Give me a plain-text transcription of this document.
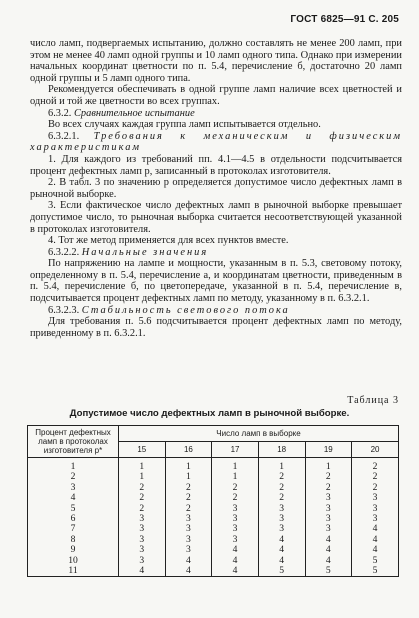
ГОСТ 6825—91 С. 205

число ламп, подвергаемых испытанию, должно составлять не менее 200 ламп, при этом не менее 40 ламп одной группы и 10 ламп одного типа. Однако при измерении начальных координат цветности по п. 5.4, перечисление б, достаточно 20 ламп одной группы и 5 ламп одного типа.

Рекомендуется обеспечивать в одной группе ламп наличие всех цветностей и одной и той же цветности во всех группах.

6.3.2. Сравнительное испытание

Во всех случаях каждая группа ламп испытывается отдельно.

6.3.2.1. Требования к механическим и физическим характеристикам

1. Для каждого из требований пп. 4.1—4.5 в отдельности подсчитывается процент дефектных ламп p, записанный в протоколах изготовителя.

2. В табл. 3 по значению p определяется допустимое число дефектных ламп в рыночной выборке.

3. Если фактическое число дефектных ламп в рыночной выборке превышает допустимое число, то рыночная выборка считается несоответствующей указанной в протоколах изготовителя.

4. Тот же метод применяется для всех пунктов вместе.

6.3.2.2. Начальные значения

По напряжению на лампе и мощности, указанным в п. 5.3, световому потоку, определенному в п. 5.4, перечисление а, и координатам цветности, приведенным в п. 5.4, перечисление б, по цветопередаче, указанной в п. 5.4, перечисление в, подсчитывается процент дефектных ламп по методу, указанному в п. 6.3.2.1.

6.3.2.3. Стабильность светового потока

Для требования п. 5.6 подсчитывается процент дефектных ламп по методу, приведенному в п. 6.3.2.1.

Таблица 3
Допустимое число дефектных ламп в рыночной выборке.
Процент дефектных ламп в протоколах изготовителя p*	Число ламп в выборке					
	15	16	17	18	19	20
1	1	1	1	1	1	2
2	1	1	1	2	2	2
3	2	2	2	2	2	2
4	2	2	2	2	3	3
5	2	2	3	3	3	3
6	3	3	3	3	3	3
7	3	3	3	3	3	4
8	3	3	3	4	4	4
9	3	3	4	4	4	4
10	3	4	4	4	4	5
11	4	4	4	5	5	5
